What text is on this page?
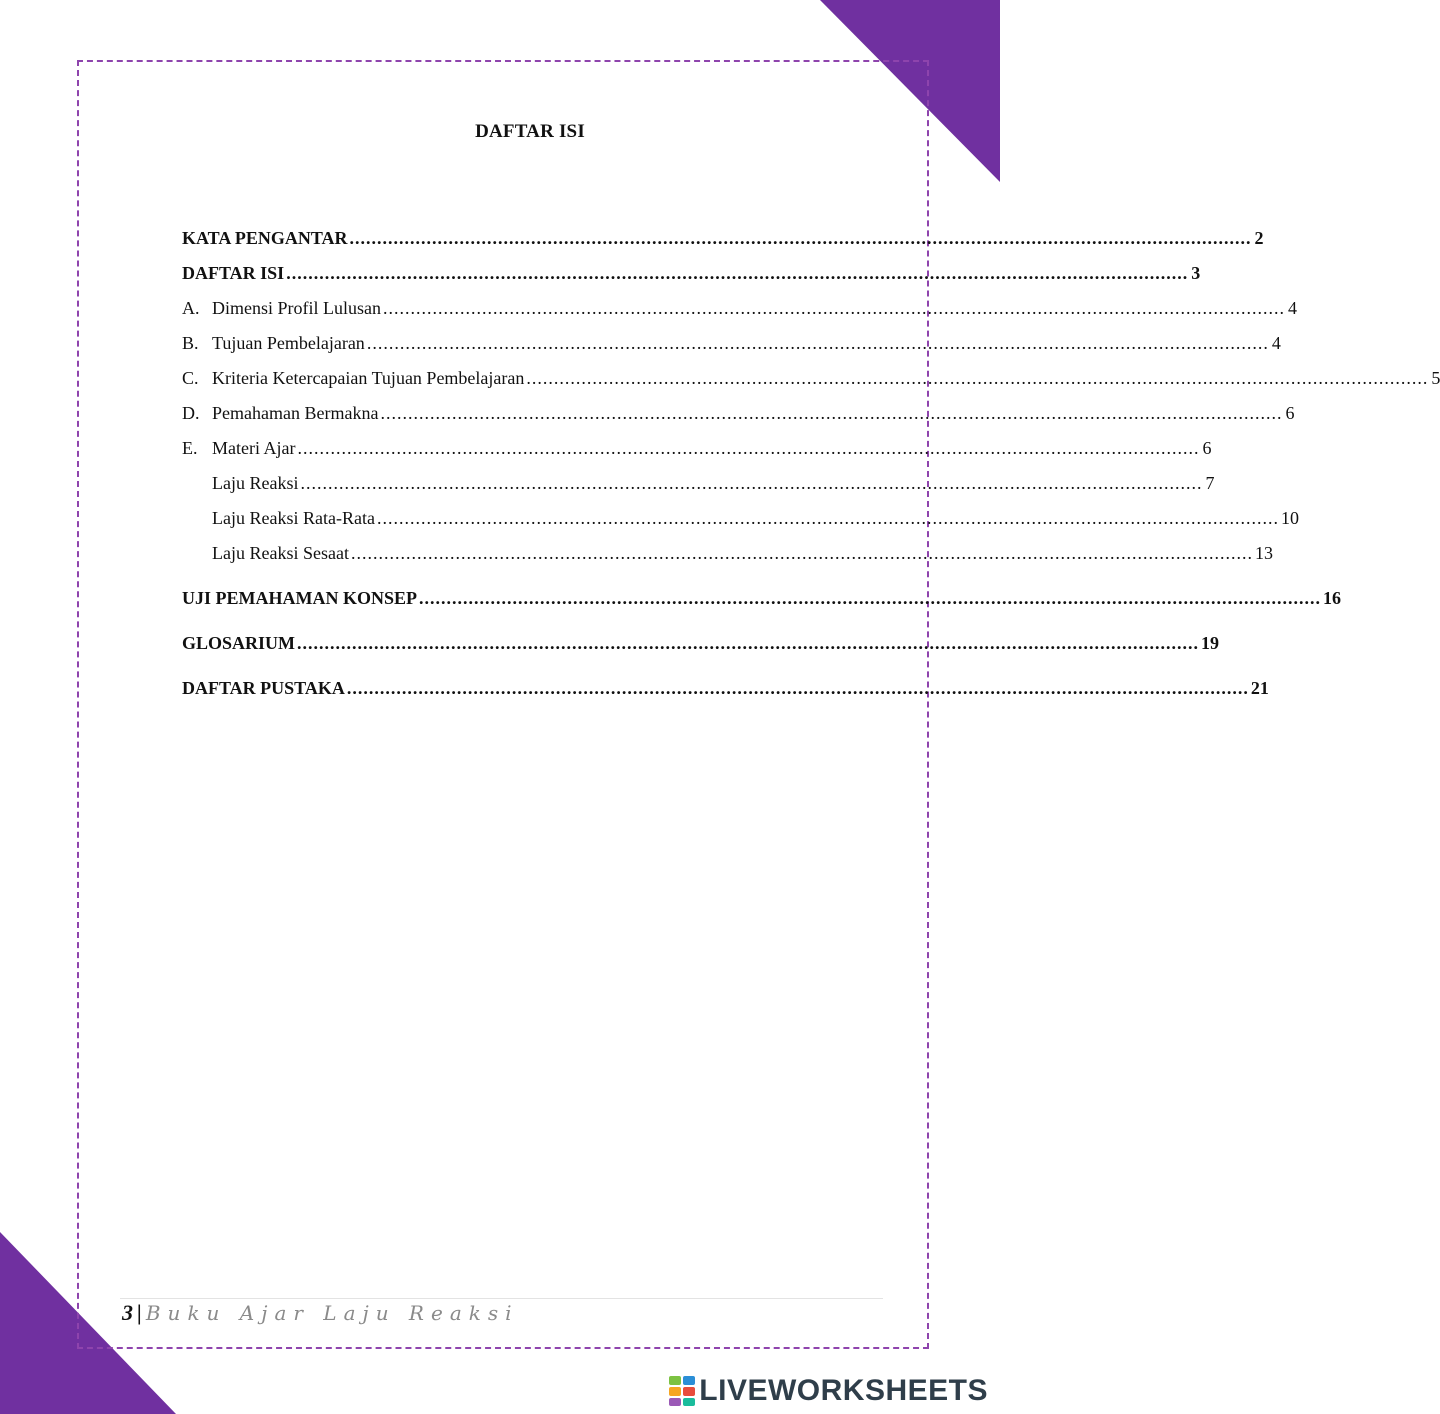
DAFTAR ISI
KATA PENGANTAR .................................................................................................................................................................... 2
DAFTAR ISI .................................................................................................................................................................... 3
A. Dimensi Profil Lulusan .................................................................................................................................................................... 4
B. Tujuan Pembelajaran .................................................................................................................................................................... 4
C. Kriteria Ketercapaian Tujuan Pembelajaran .................................................................................................................................................................... 5
D. Pemahaman Bermakna .................................................................................................................................................................... 6
E. Materi Ajar .................................................................................................................................................................... 6
Laju Reaksi .................................................................................................................................................................... 7
Laju Reaksi Rata-Rata .................................................................................................................................................................... 10
Laju Reaksi Sesaat .................................................................................................................................................................... 13
UJI PEMAHAMAN KONSEP .................................................................................................................................................................... 16
GLOSARIUM .................................................................................................................................................................... 19
DAFTAR PUSTAKA .................................................................................................................................................................... 21
3 | Buku Ajar Laju Reaksi
LIVEWORKSHEETS
